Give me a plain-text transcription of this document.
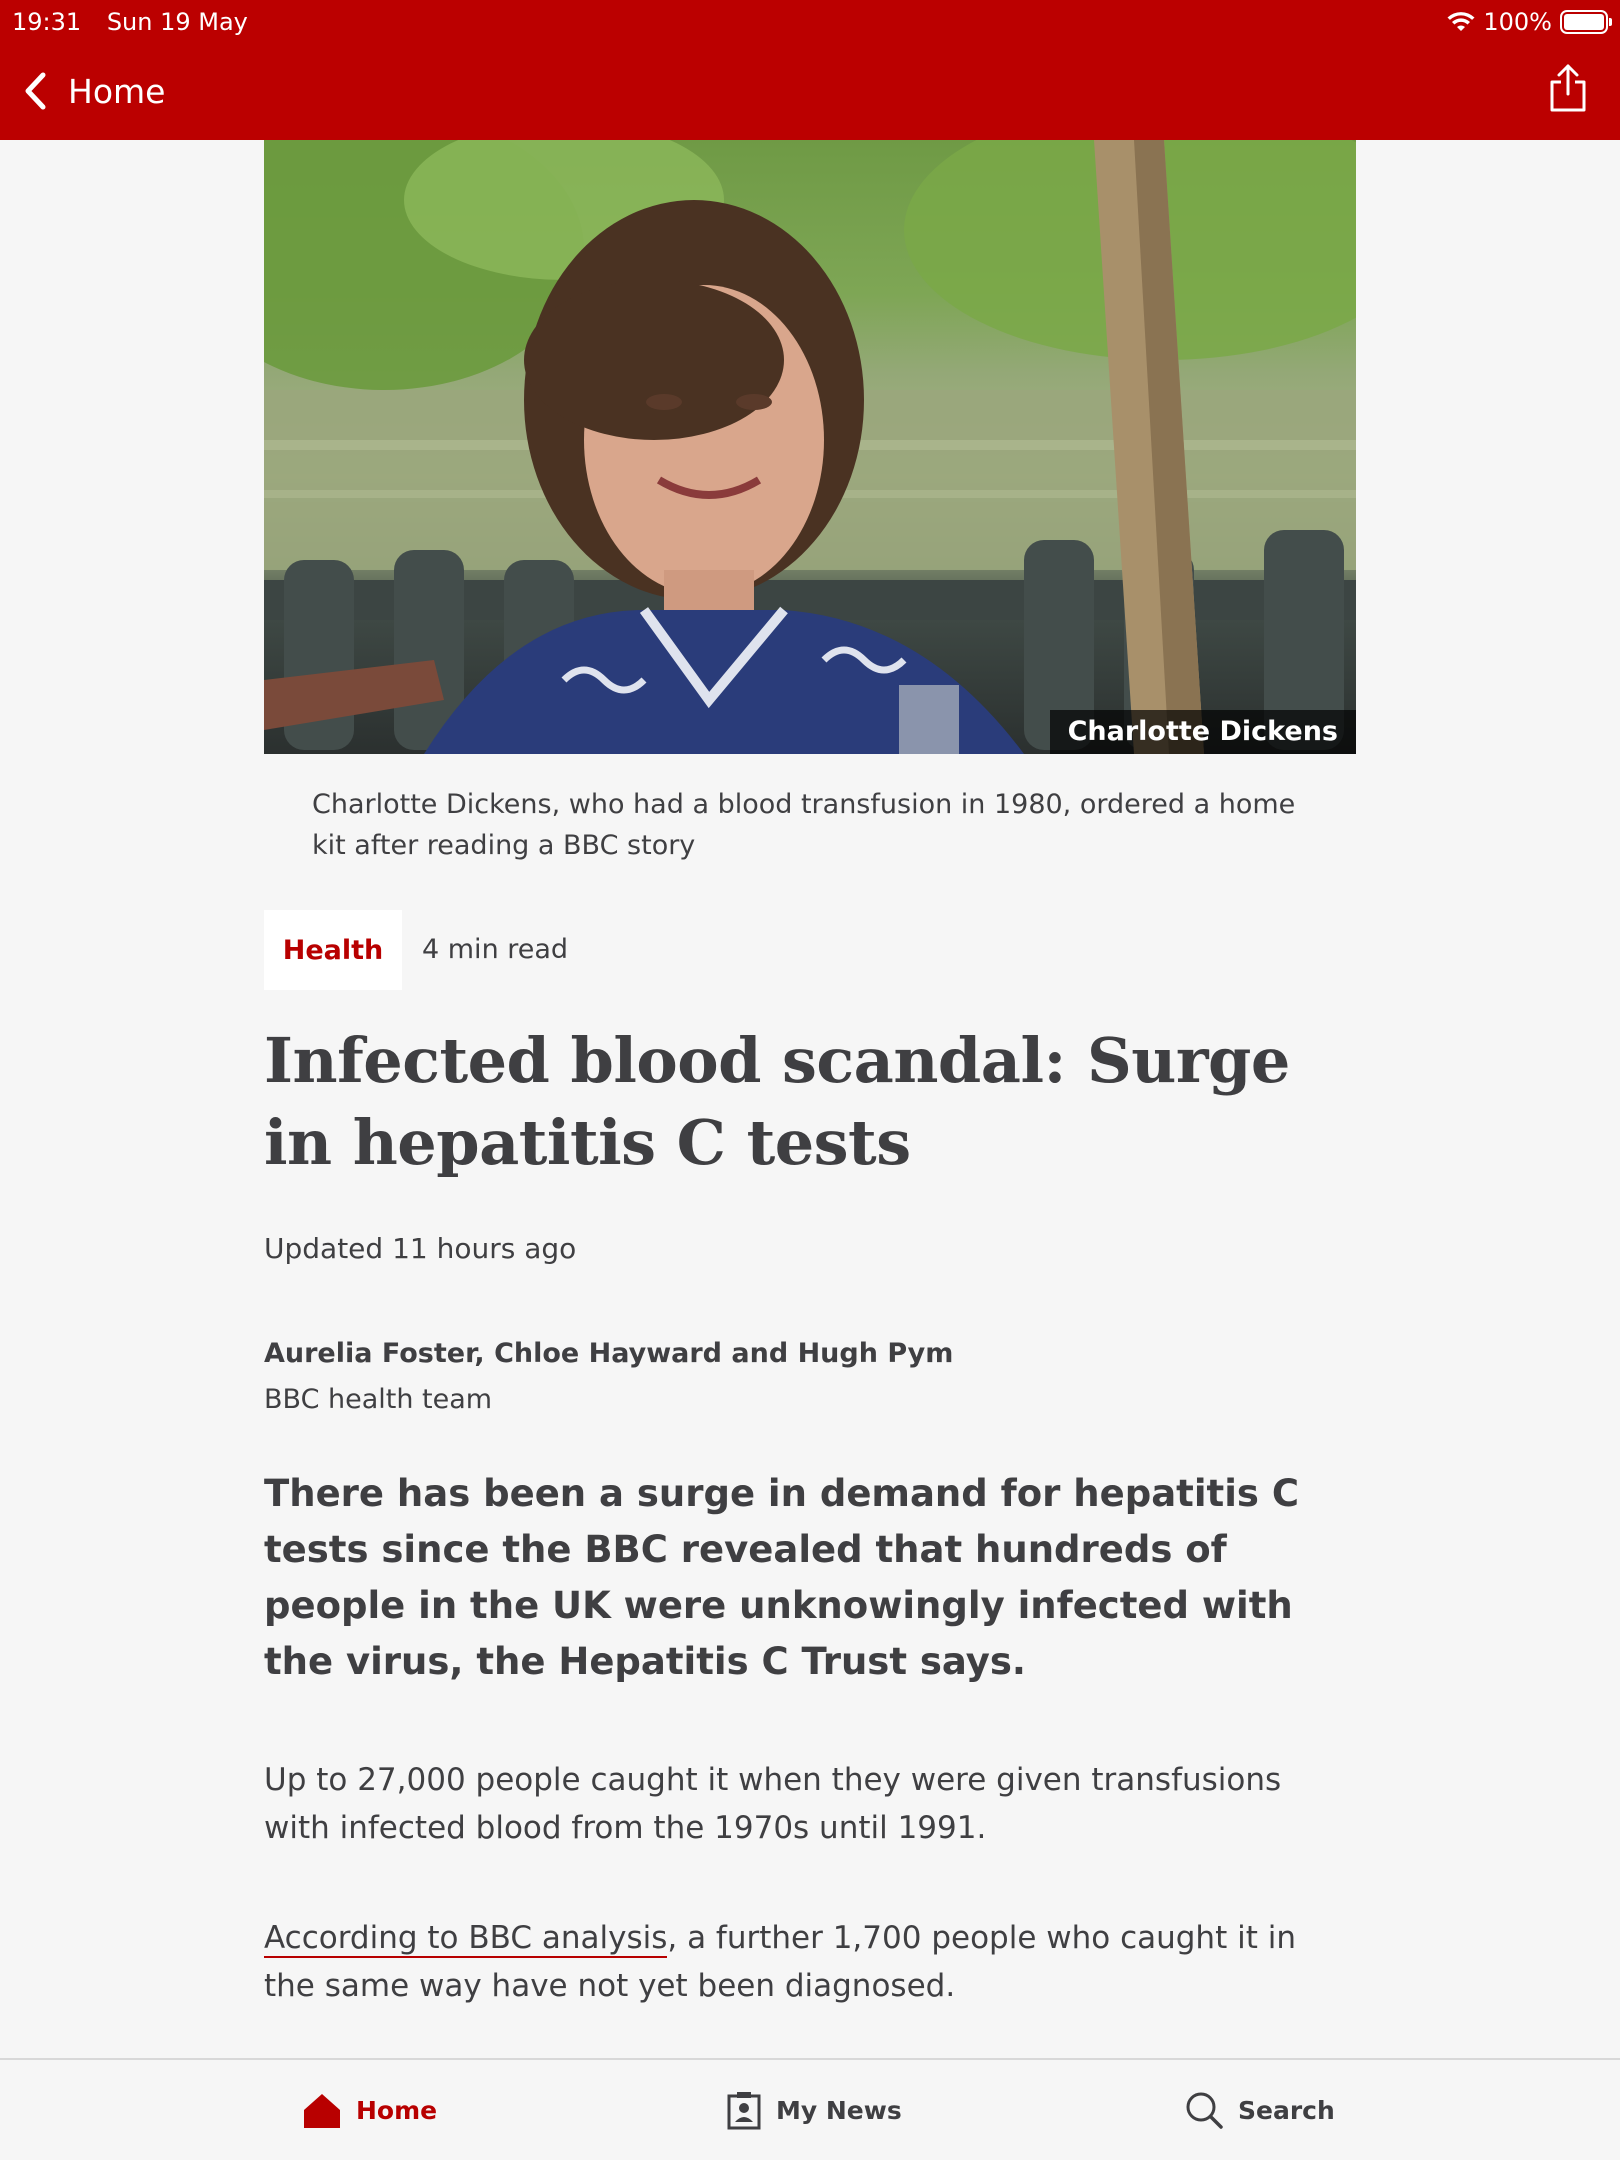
19:31 Sun 19 May	100%
Home
Charlotte Dickens
Charlotte Dickens, who had a blood transfusion in 1980, ordered a home kit after reading a BBC story
Health	4 min read
Infected blood scandal: Surge in hepatitis C tests
Updated 11 hours ago
Aurelia Foster, Chloe Hayward and Hugh Pym
BBC health team

There has been a surge in demand for hepatitis C tests since the BBC revealed that hundreds of people in the UK were unknowingly infected with the virus, the Hepatitis C Trust says.

Up to 27,000 people caught it when they were given transfusions with infected blood from the 1970s until 1991.

According to BBC analysis, a further 1,700 people who caught it in the same way have not yet been diagnosed.

Home	My News	Search
